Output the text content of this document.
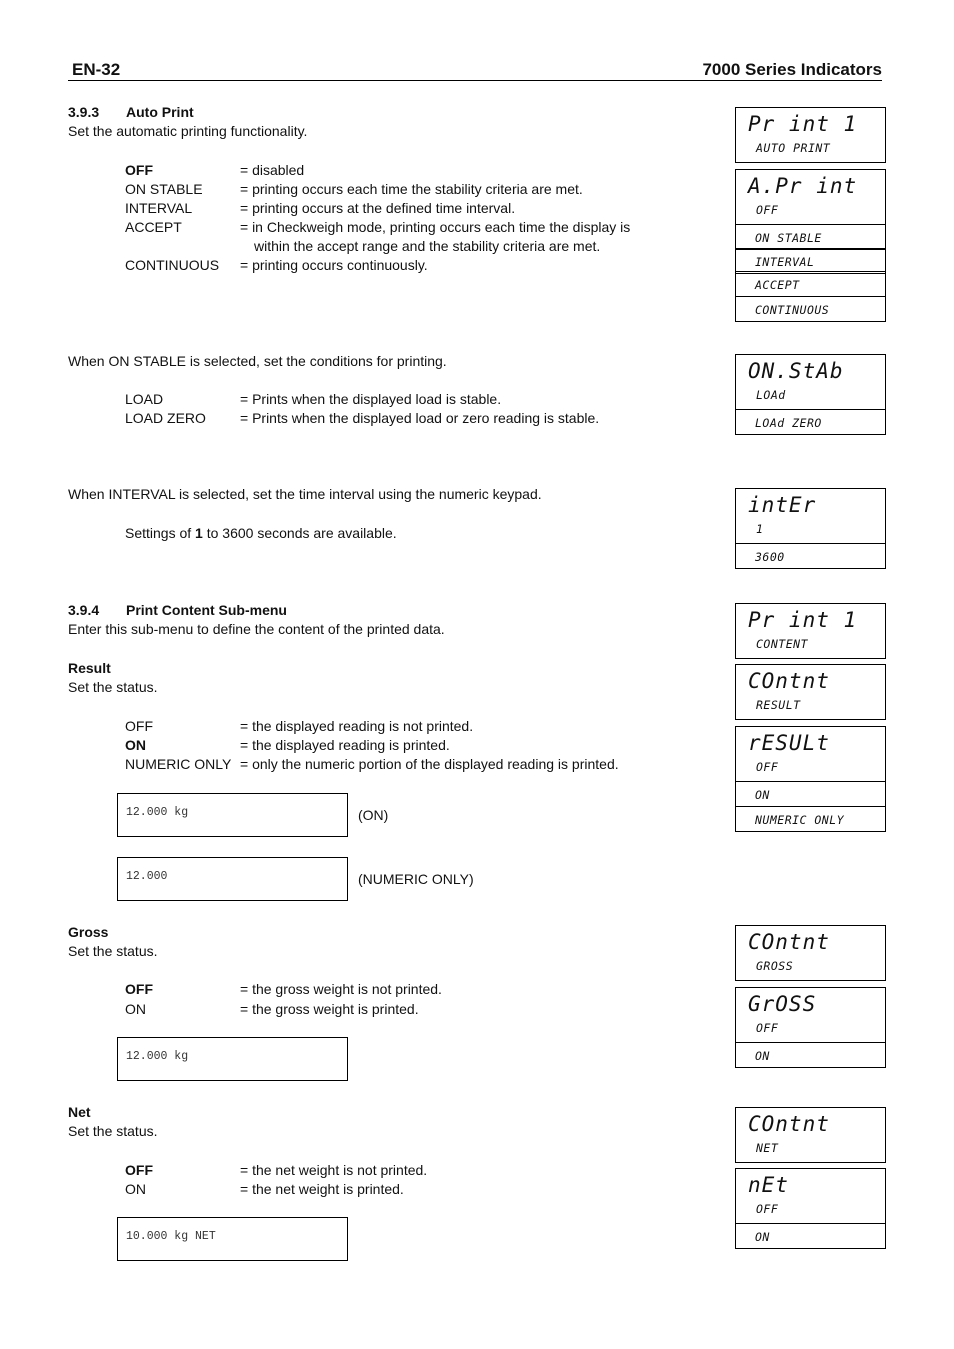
EN-32	7000 Series Indicators
3.9.3 Auto Print
Set the automatic printing functionality.
OFF	= disabled
ON STABLE	= printing occurs each time the stability criteria are met.
INTERVAL	= printing occurs at the defined time interval.
ACCEPT	= in Checkweigh mode, printing occurs each time the display is
within the accept range and the stability criteria are met.
CONTINUOUS = printing occurs continuously.
When ON STABLE is selected, set the conditions for printing.
LOAD	= Prints when the displayed load is stable.
LOAD ZERO = Prints when the displayed load or zero reading is stable.
When INTERVAL is selected, set the time interval using the numeric keypad.
Settings of 1 to 3600 seconds are available.
3.9.4 Print Content Sub-menu
Enter this sub-menu to define the content of the printed data.
Result
Set the status.
OFF	= the displayed reading is not printed.
ON	= the displayed reading is printed.
NUMERIC ONLY = only the numeric portion of the displayed reading is printed.
12.000 kg	(ON)
12.000	(NUMERIC ONLY)
Gross
Set the status.
OFF	= the gross weight is not printed.
ON	= the gross weight is printed.
12.000 kg
Net
Set the status.
OFF	= the net weight is not printed.
ON	= the net weight is printed.
10.000 kg NET
Pr int 1
AUTO PRINT
A.Pr int
OFF
ON STABLE
INTERVAL
ACCEPT
CONTINUOUS
ON.StAb
LOAd
LOAd ZERO
intEr
1
3600
Pr int 1
CONTENT
COntnt
RESULT
rESULt
OFF
ON
NUMERIC ONLY
COntnt
GROSS
GrOSS
OFF
ON
COntnt
NET
nEt
OFF
ON
